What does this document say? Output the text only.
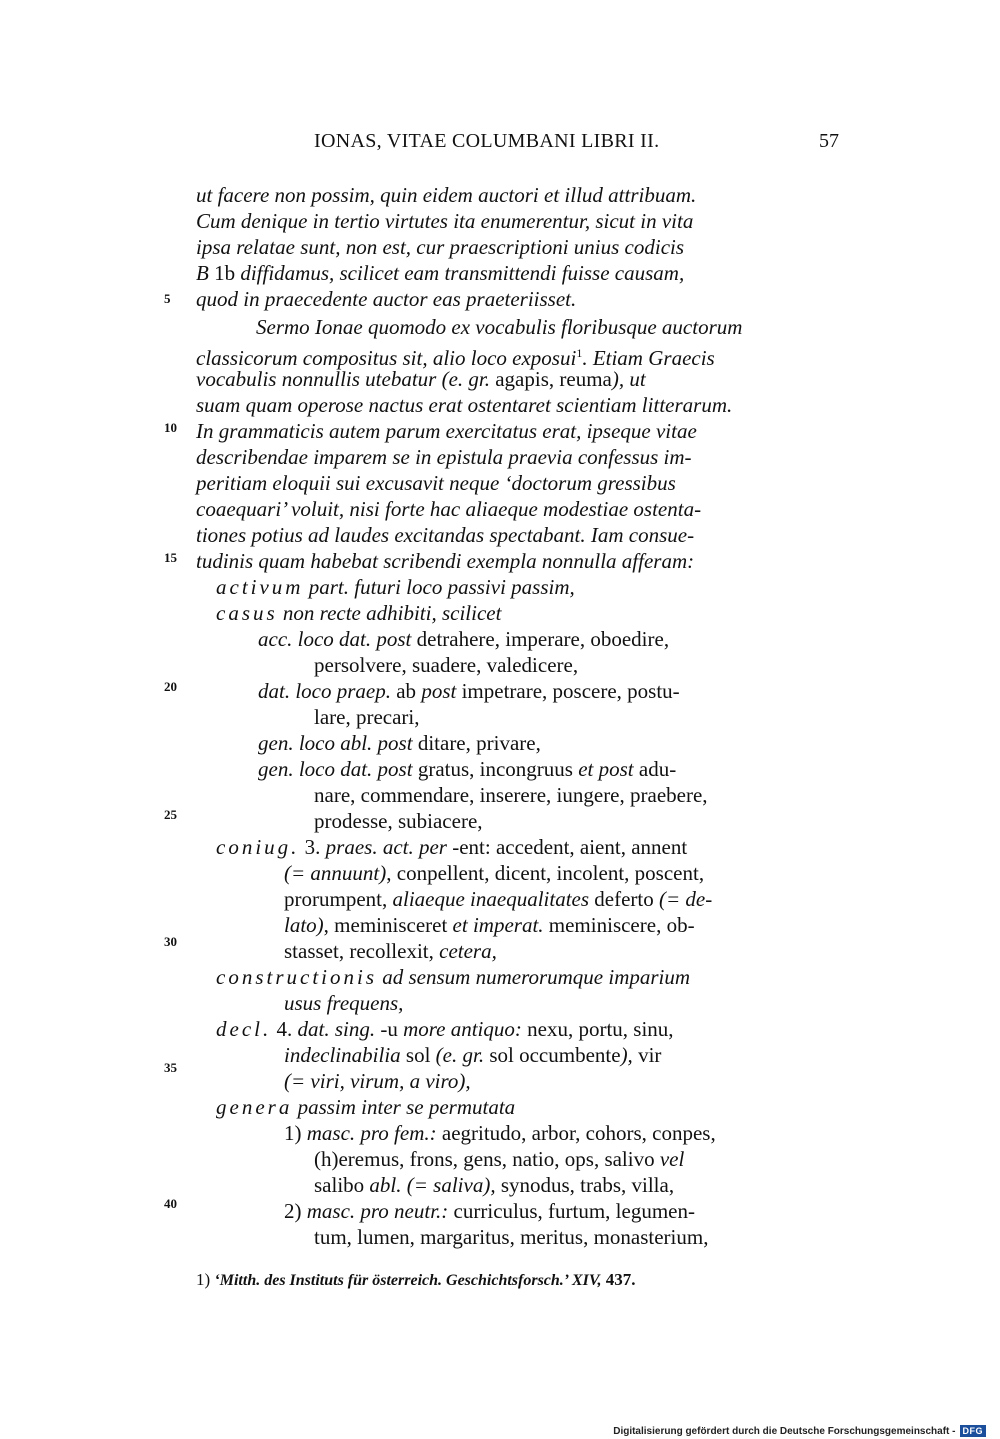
IONAS, VITAE COLUMBANI LIBRI II.	57
5
10
15
20
25
30
35
40
ut facere non possim, quin eidem auctori et illud attribuam.
Cum denique in tertio virtutes ita enumerentur, sicut in vita
ipsa relatae sunt, non est, cur praescriptioni unius codicis
B 1b diffidamus, scilicet eam transmittendi fuisse causam,
quod in praecedente auctor eas praeteriisset.
Sermo Ionae quomodo ex vocabulis floribusque auctorum
classicorum compositus sit, alio loco exposui$^1$. Etiam Graecis
vocabulis nonnullis utebatur (e. gr. agapis, reuma), ut
suam quam operose nactus erat ostentaret scientiam litterarum.
In grammaticis autem parum exercitatus erat, ipseque vitae
describendae imparem se in epistula praevia confessus im-
peritiam eloquii sui excusavit neque ‘doctorum gressibus
coaequari’ voluit, nisi forte hac aliaeque modestiae ostenta-
tiones potius ad laudes excitandas spectabant. Iam consue-
tudinis quam habebat scribendi exempla nonnulla afferam:
activum part. futuri loco passivi passim,
casus non recte adhibiti, scilicet
acc. loco dat. post detrahere, imperare, oboedire,
persolvere, suadere, valedicere,
dat. loco praep. ab post impetrare, poscere, postu-
lare, precari,
gen. loco abl. post ditare, privare,
gen. loco dat. post gratus, incongruus et post adu-
nare, commendare, inserere, iungere, praebere,
prodesse, subiacere,
coniug. 3. praes. act. per -ent: accedent, aient, annent
(= annuunt), conpellent, dicent, incolent, poscent,
prorumpent, aliaeque inaequalitates deferto (= de-
lato), meminisceret et imperat. meminiscere, ob-
stasset, recollexit, cetera,
constructionis ad sensum numerorumque imparium
usus frequens,
decl. 4. dat. sing. -u more antiquo: nexu, portu, sinu,
indeclinabilia sol (e. gr. sol occumbente), vir
(= viri, virum, a viro),
genera passim inter se permutata
1) masc. pro fem.: aegritudo, arbor, cohors, conpes,
(h)eremus, frons, gens, natio, ops, salivo vel
salibo abl. (= saliva), synodus, trabs, villa,
2) masc. pro neutr.: curriculus, furtum, legumen-
tum, lumen, margaritus, meritus, monasterium,
1) ‘Mitth. des Instituts für österreich. Geschichtsforsch.’ XIV, 437.
Digitalisierung gefördert durch die Deutsche Forschungsgemeinschaft - DFG
